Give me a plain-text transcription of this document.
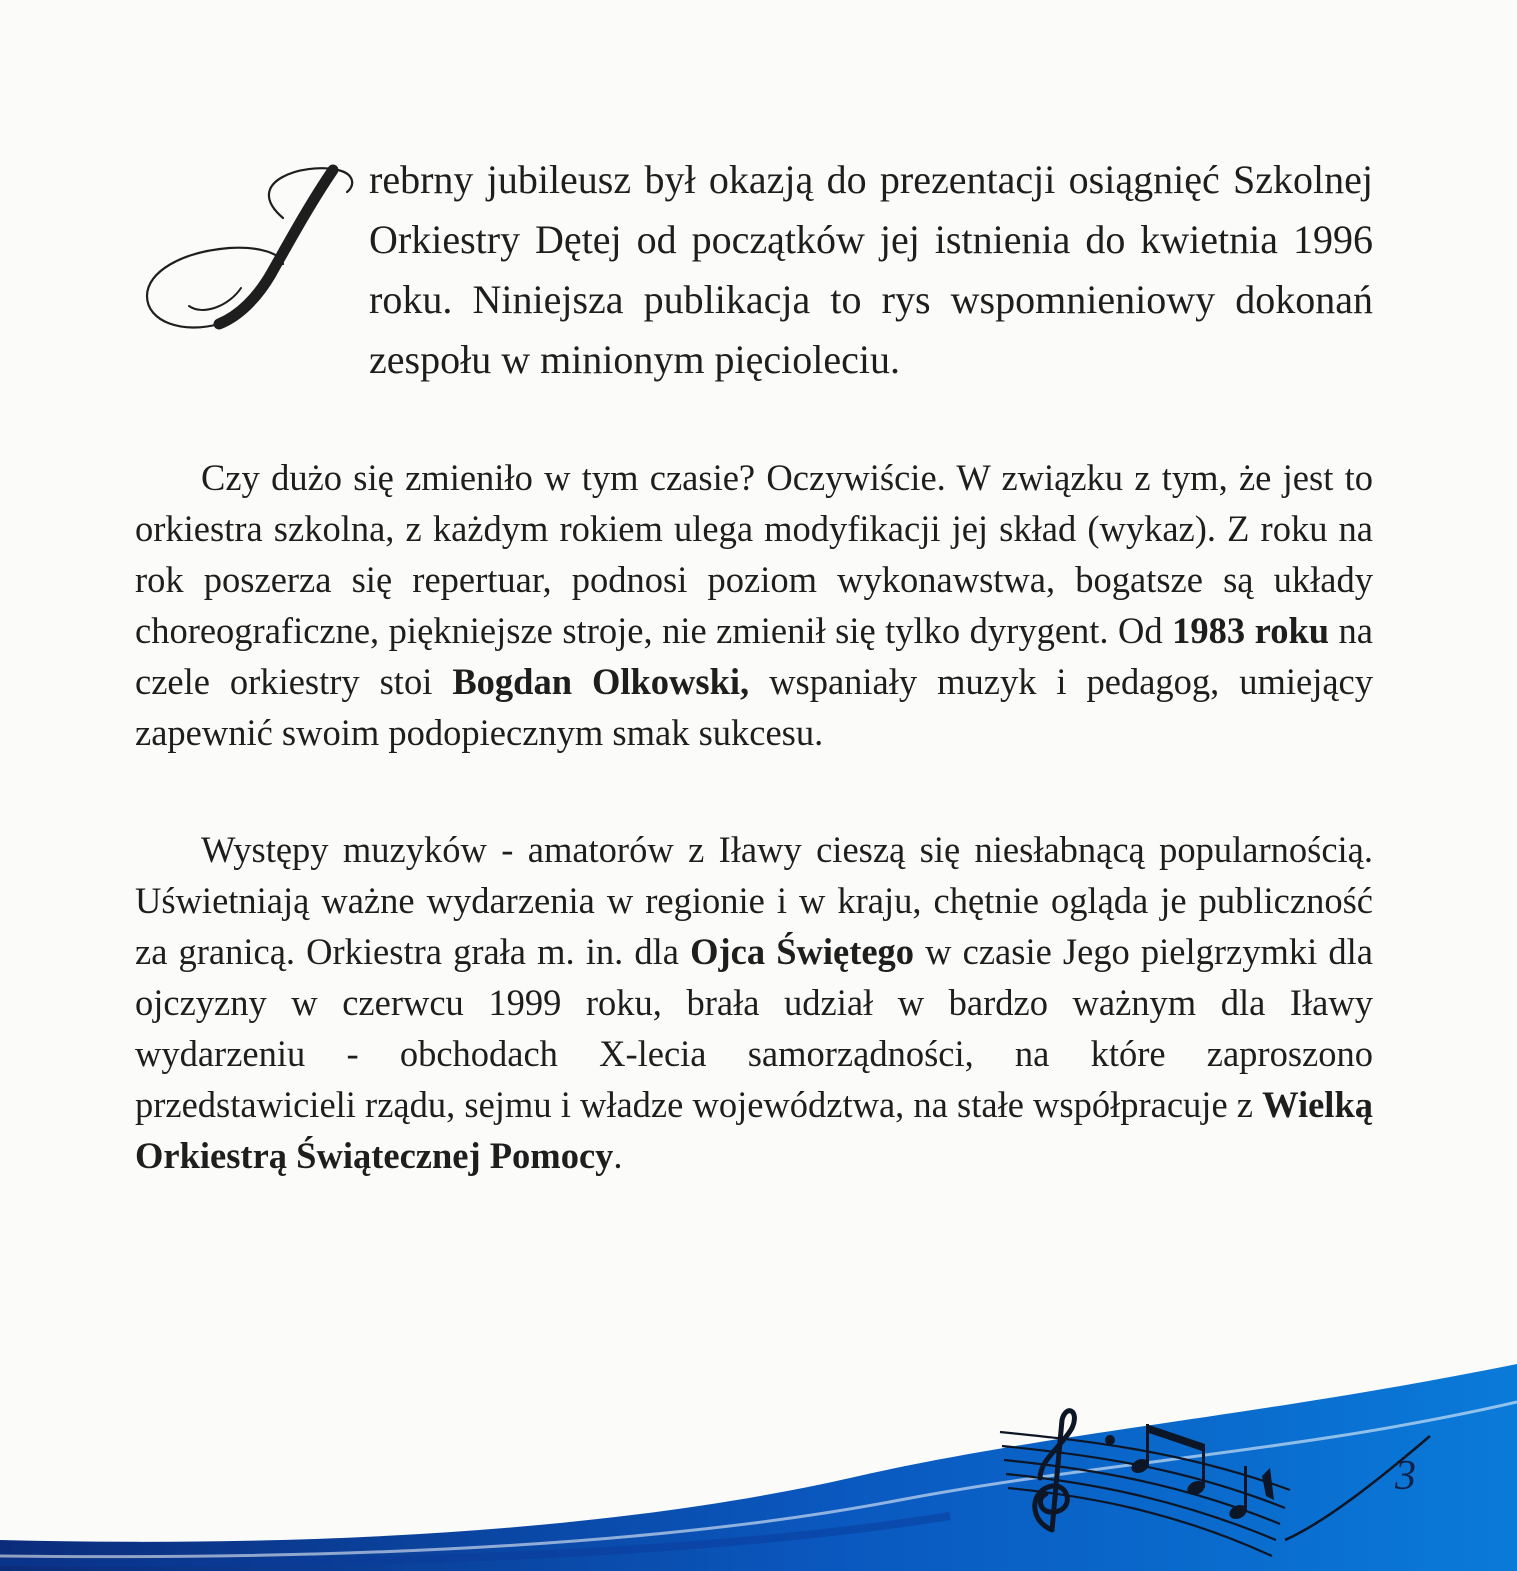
rebrny jubileusz był okazją do prezentacji osiągnięć Szkolnej Orkiestry Dętej od początków jej istnienia do kwietnia 1996 roku. Niniejsza publikacja to rys wspomnieniowy dokonań zespołu w minionym pięcioleciu.

Czy dużo się zmieniło w tym czasie? Oczywiście. W związku z tym, że jest to orkiestra szkolna, z każdym rokiem ulega modyfikacji jej skład (wykaz). Z roku na rok poszerza się repertuar, podnosi poziom wykonawstwa, bogatsze są układy choreograficzne, piękniejsze stroje, nie zmienił się tylko dyrygent. Od 1983 roku na czele orkiestry stoi Bogdan Olkowski, wspaniały muzyk i pedagog, umiejący zapewnić swoim podopiecznym smak sukcesu.

Występy muzyków - amatorów z Iławy cieszą się niesłabnącą popularnością. Uświetniają ważne wydarzenia w regionie i w kraju, chętnie ogląda je publiczność za granicą. Orkiestra grała m. in. dla Ojca Świętego w czasie Jego pielgrzymki dla ojczyzny w czerwcu 1999 roku, brała udział w bardzo ważnym dla Iławy wydarzeniu - obchodach X-lecia samorządności, na które zaproszono przedstawicieli rządu, sejmu i władze województwa, na stałe współpracuje z Wielką Orkiestrą Świątecznej Pomocy.

3
